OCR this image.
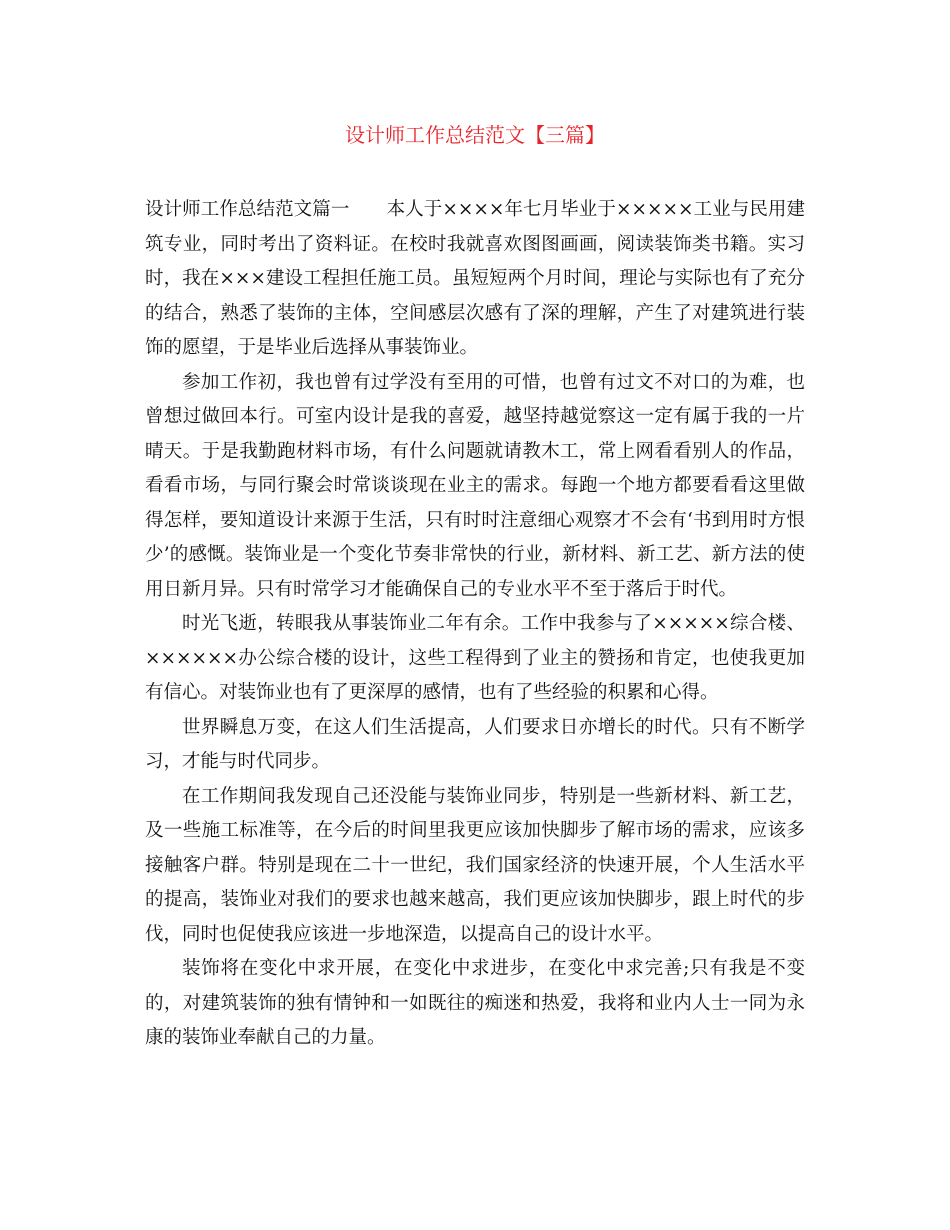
设计师工作总结范文【三篇】

设计师工作总结范文篇一　　本人于××××年七月毕业于×××××工业与民用建筑专业，同时考出了资料证。在校时我就喜欢图图画画，阅读装饰类书籍。实习时，我在×××建设工程担任施工员。虽短短两个月时间，理论与实际也有了充分的结合，熟悉了装饰的主体，空间感层次感有了深的理解，产生了对建筑进行装饰的愿望，于是毕业后选择从事装饰业。

参加工作初，我也曾有过学没有至用的可惜，也曾有过文不对口的为难，也曾想过做回本行。可室内设计是我的喜爱，越坚持越觉察这一定有属于我的一片晴天。于是我勤跑材料市场，有什么问题就请教木工，常上网看看别人的作品，看看市场，与同行聚会时常谈谈现在业主的需求。每跑一个地方都要看看这里做得怎样，要知道设计来源于生活，只有时时注意细心观察才不会有‘书到用时方恨少’的感慨。装饰业是一个变化节奏非常快的行业，新材料、新工艺、新方法的使用日新月异。只有时常学习才能确保自己的专业水平不至于落后于时代。

时光飞逝，转眼我从事装饰业二年有余。工作中我参与了×××××综合楼、××××××办公综合楼的设计，这些工程得到了业主的赞扬和肯定，也使我更加有信心。对装饰业也有了更深厚的感情，也有了些经验的积累和心得。

世界瞬息万变，在这人们生活提高，人们要求日亦增长的时代。只有不断学习，才能与时代同步。

在工作期间我发现自己还没能与装饰业同步，特别是一些新材料、新工艺，及一些施工标准等，在今后的时间里我更应该加快脚步了解市场的需求，应该多接触客户群。特别是现在二十一世纪，我们国家经济的快速开展，个人生活水平的提高，装饰业对我们的要求也越来越高，我们更应该加快脚步，跟上时代的步伐，同时也促使我应该进一步地深造，以提高自己的设计水平。

装饰将在变化中求开展，在变化中求进步，在变化中求完善;只有我是不变的，对建筑装饰的独有情钟和一如既往的痴迷和热爱，我将和业内人士一同为永康的装饰业奉献自己的力量。
